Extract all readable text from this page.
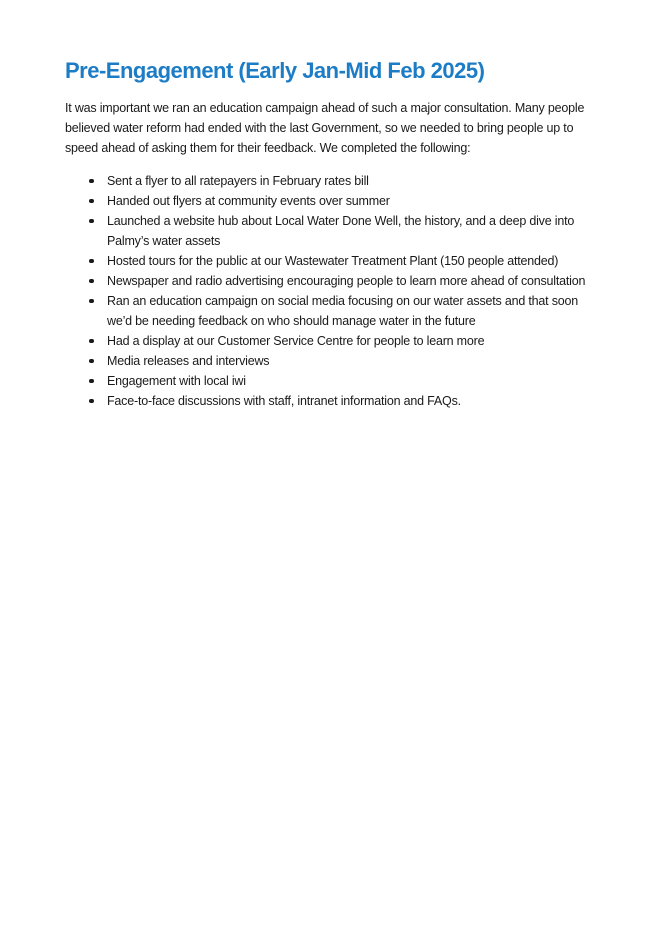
Pre-Engagement (Early Jan-Mid Feb 2025)

It was important we ran an education campaign ahead of such a major consultation. Many people believed water reform had ended with the last Government, so we needed to bring people up to speed ahead of asking them for their feedback. We completed the following:

Sent a flyer to all ratepayers in February rates bill
Handed out flyers at community events over summer
Launched a website hub about Local Water Done Well, the history, and a deep dive into Palmy’s water assets
Hosted tours for the public at our Wastewater Treatment Plant (150 people attended)
Newspaper and radio advertising encouraging people to learn more ahead of consultation
Ran an education campaign on social media focusing on our water assets and that soon we’d be needing feedback on who should manage water in the future
Had a display at our Customer Service Centre for people to learn more
Media releases and interviews
Engagement with local iwi
Face-to-face discussions with staff, intranet information and FAQs.
